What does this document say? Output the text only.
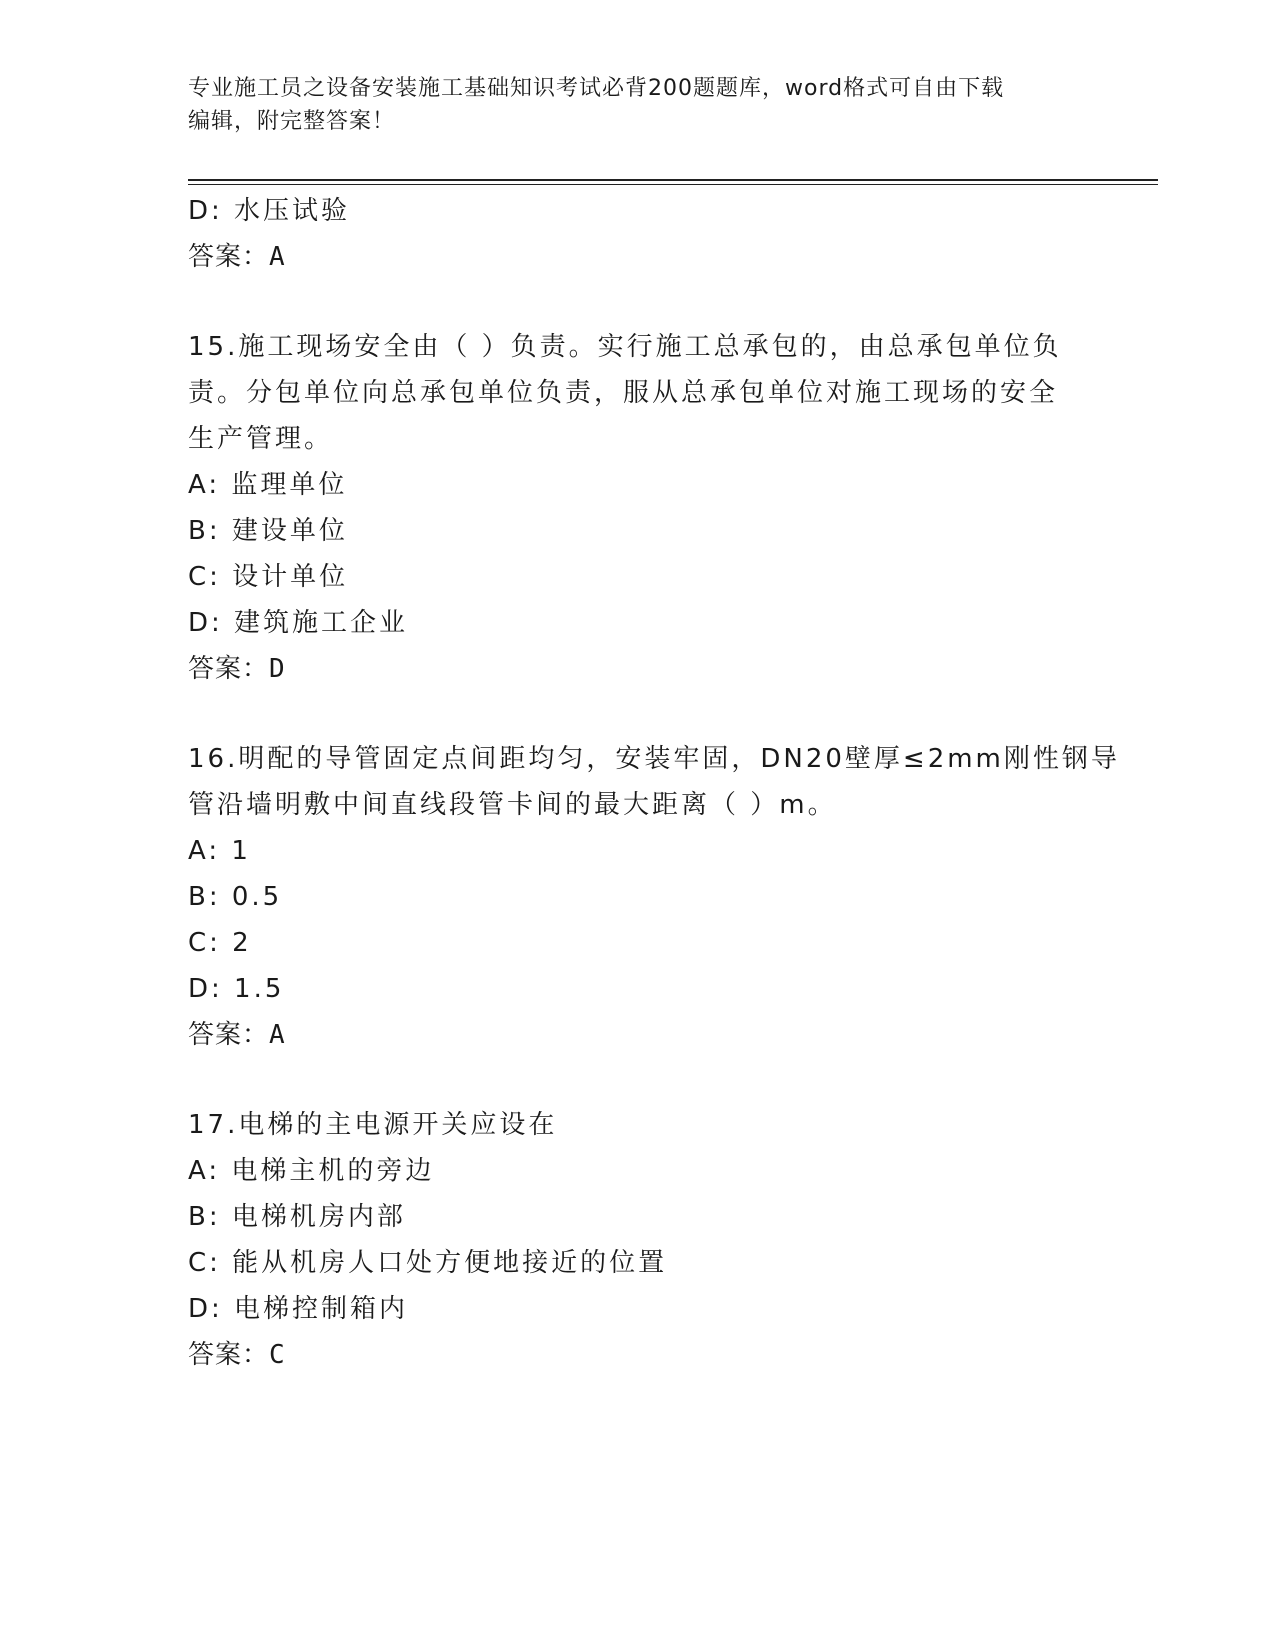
专业施工员之设备安装施工基础知识考试必背200题题库，word格式可自由下载
编辑，附完整答案！
D: 水压试验
答案：A
15.施工现场安全由（ ）负责。实行施工总承包的，由总承包单位负
责。分包单位向总承包单位负责，服从总承包单位对施工现场的安全
生产管理。
A: 监理单位
B: 建设单位
C: 设计单位
D: 建筑施工企业
答案：D
16.明配的导管固定点间距均匀，安装牢固，DN20壁厚≤2mm刚性钢导
管沿墙明敷中间直线段管卡间的最大距离（ ）m。
A: 1
B: 0.5
C: 2
D: 1.5
答案：A
17.电梯的主电源开关应设在
A: 电梯主机的旁边
B: 电梯机房内部
C: 能从机房人口处方便地接近的位置
D: 电梯控制箱内
答案：C
